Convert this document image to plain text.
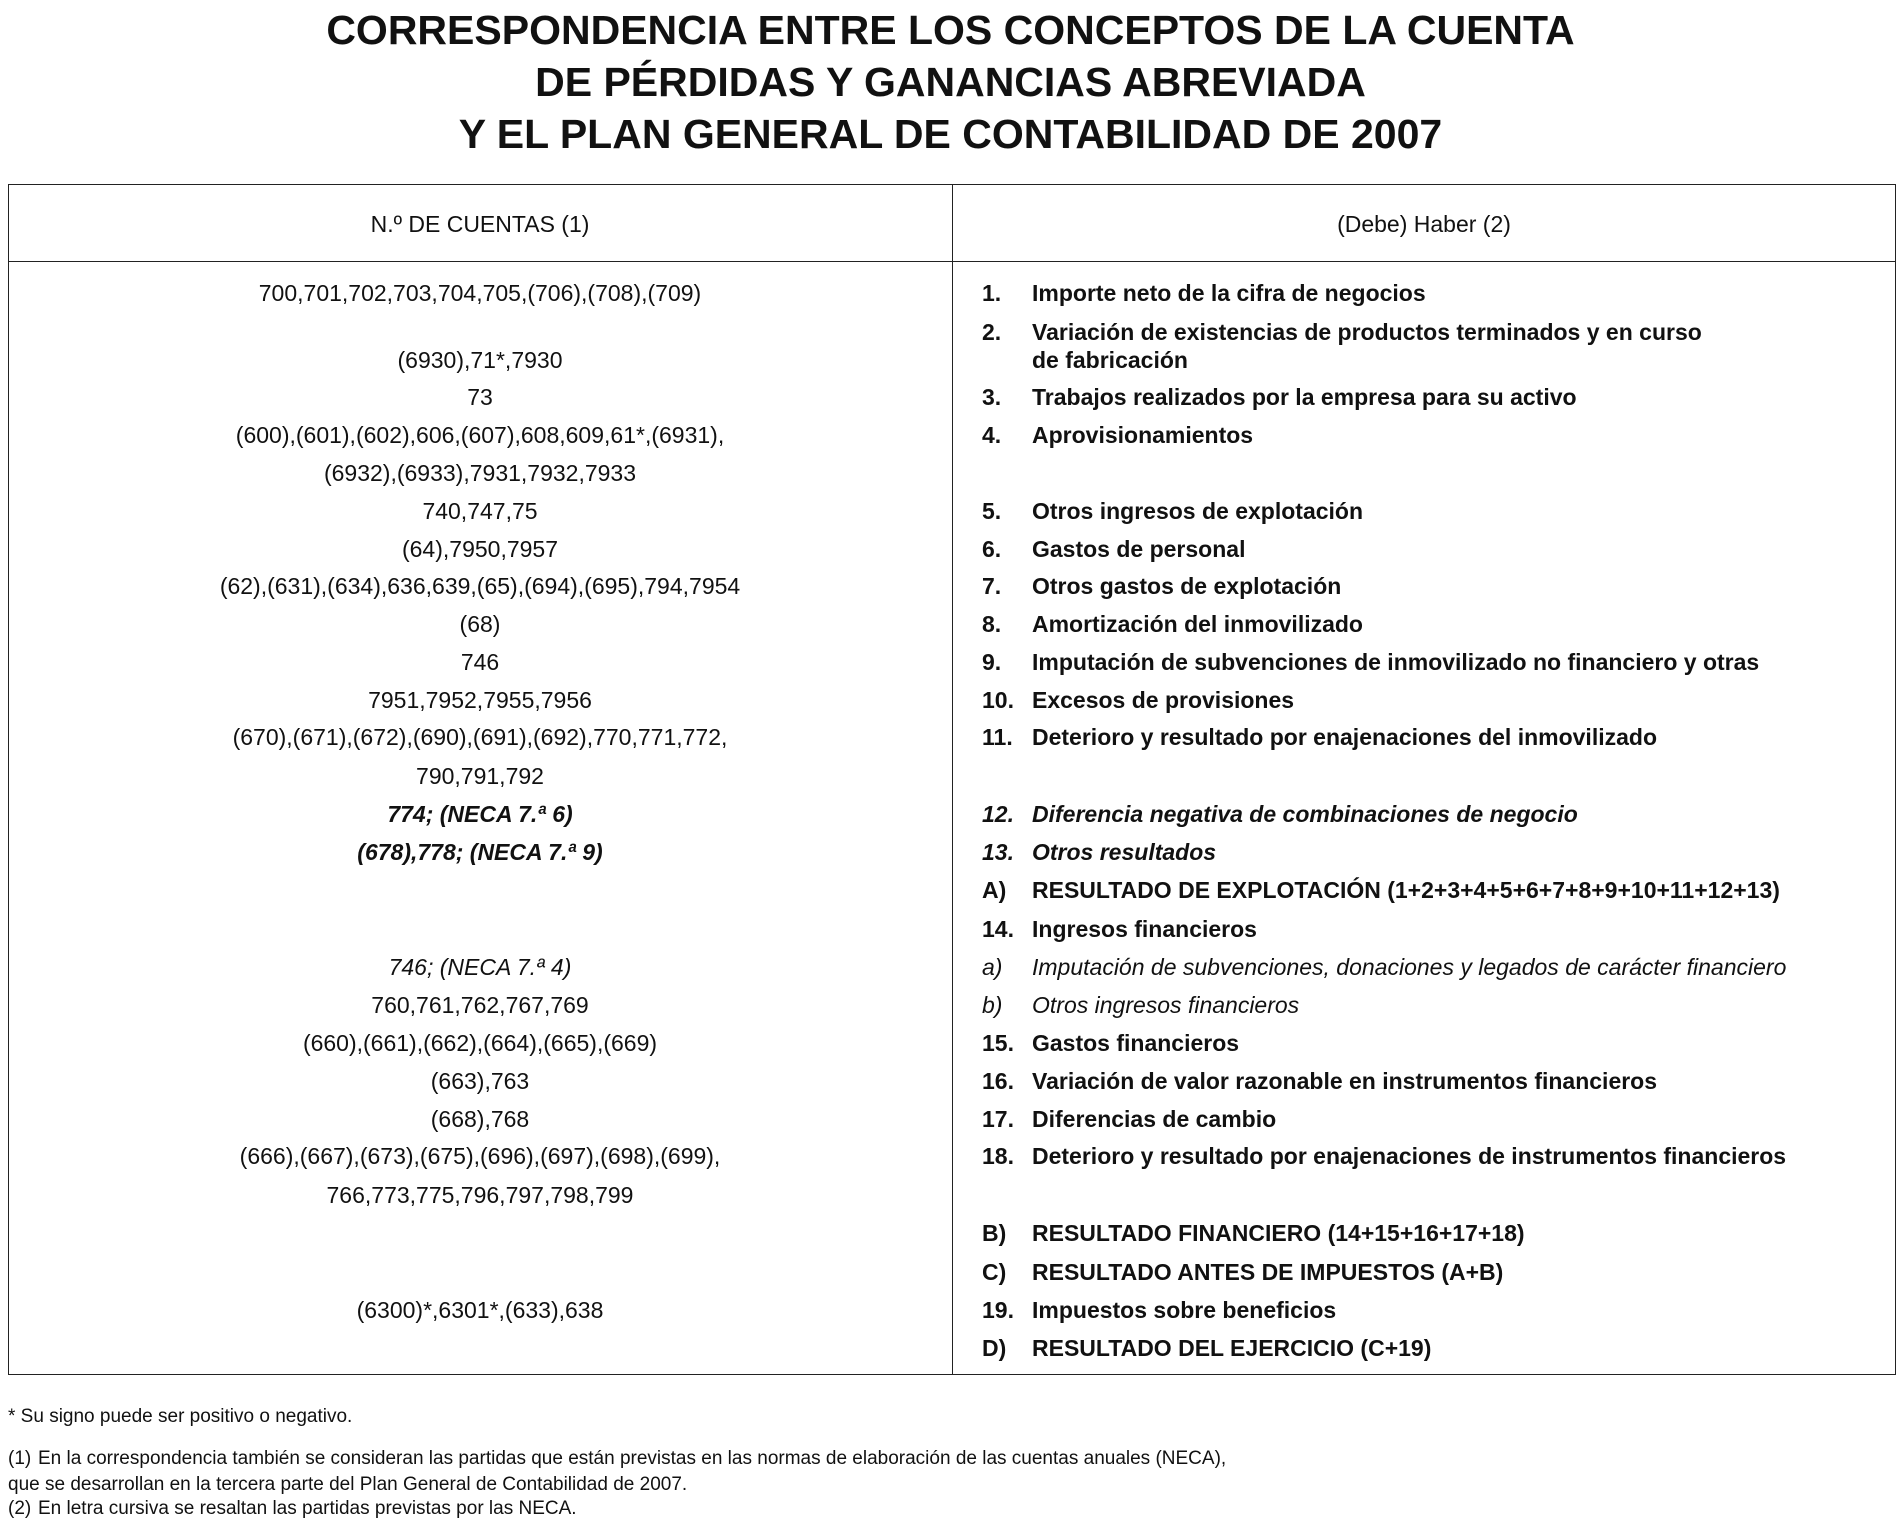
CORRESPONDENCIA ENTRE LOS CONCEPTOS DE LA CUENTA
DE PÉRDIDAS Y GANANCIAS ABREVIADA
Y EL PLAN GENERAL DE CONTABILIDAD DE 2007
N.º DE CUENTAS (1)	(Debe) Haber (2)
700,701,702,703,704,705,(706),(708),(709)
(6930),71*,7930
73
(600),(601),(602),606,(607),608,609,61*,(6931),
(6932),(6933),7931,7932,7933
740,747,75
(64),7950,7957
(62),(631),(634),636,639,(65),(694),(695),794,7954
(68)
746
7951,7952,7955,7956
(670),(671),(672),(690),(691),(692),770,771,772,
790,791,792
774; (NECA 7.ª 6)
(678),778; (NECA 7.ª 9)
746; (NECA 7.ª 4)
760,761,762,767,769
(660),(661),(662),(664),(665),(669)
(663),763
(668),768
(666),(667),(673),(675),(696),(697),(698),(699),
766,773,775,796,797,798,799
(6300)*,6301*,(633),638
1. Importe neto de la cifra de negocios
2. Variación de existencias de productos terminados y en curso
de fabricación
3. Trabajos realizados por la empresa para su activo
4. Aprovisionamientos
5. Otros ingresos de explotación
6. Gastos de personal
7. Otros gastos de explotación
8. Amortización del inmovilizado
9. Imputación de subvenciones de inmovilizado no financiero y otras
10. Excesos de provisiones
11. Deterioro y resultado por enajenaciones del inmovilizado
12. Diferencia negativa de combinaciones de negocio
13. Otros resultados
A) RESULTADO DE EXPLOTACIÓN (1+2+3+4+5+6+7+8+9+10+11+12+13)
14. Ingresos financieros
a) Imputación de subvenciones, donaciones y legados de carácter financiero
b) Otros ingresos financieros
15. Gastos financieros
16. Variación de valor razonable en instrumentos financieros
17. Diferencias de cambio
18. Deterioro y resultado por enajenaciones de instrumentos financieros
B) RESULTADO FINANCIERO (14+15+16+17+18)
C) RESULTADO ANTES DE IMPUESTOS (A+B)
19. Impuestos sobre beneficios
D) RESULTADO DEL EJERCICIO (C+19)
* Su signo puede ser positivo o negativo.
(1) En la correspondencia también se consideran las partidas que están previstas en las normas de elaboración de las cuentas anuales (NECA),
que se desarrollan en la tercera parte del Plan General de Contabilidad de 2007.
(2) En letra cursiva se resaltan las partidas previstas por las NECA.
